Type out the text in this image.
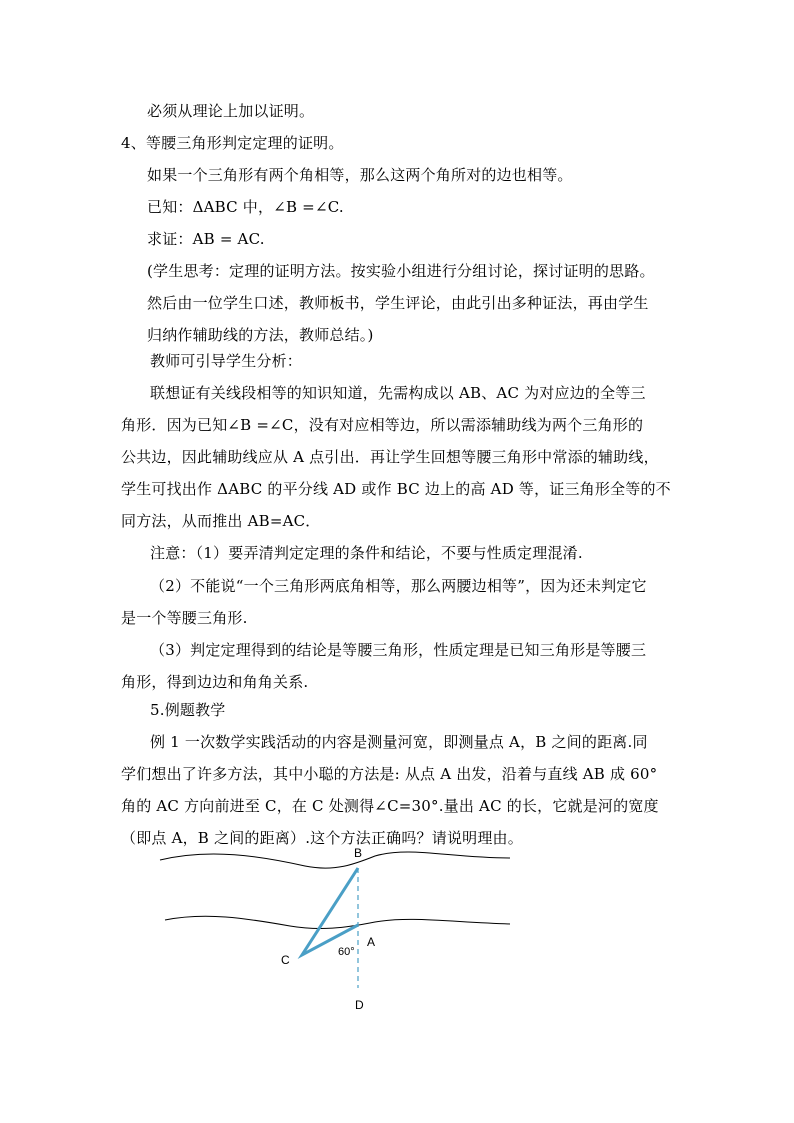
必须从理论上加以证明。
4、等腰三角形判定定理的证明。
如果一个三角形有两个角相等，那么这两个角所对的边也相等。
已知：ΔABC 中，∠B =∠C.
求证：AB = AC.
(学生思考：定理的证明方法。按实验小组进行分组讨论，探讨证明的思路。
然后由一位学生口述，教师板书，学生评论，由此引出多种证法，再由学生
归纳作辅助线的方法，教师总结。)
教师可引导学生分析：
联想证有关线段相等的知识知道，先需构成以 AB、AC 为对应边的全等三
角形．因为已知∠B =∠C，没有对应相等边，所以需添辅助线为两个三角形的
公共边，因此辅助线应从 A 点引出．再让学生回想等腰三角形中常添的辅助线，
学生可找出作 ΔABC 的平分线 AD 或作 BC 边上的高 AD 等，证三角形全等的不
同方法，从而推出 AB=AC．
注意：（1）要弄清判定定理的条件和结论，不要与性质定理混淆.
（2）不能说“一个三角形两底角相等，那么两腰边相等”，因为还未判定它
是一个等腰三角形.
（3）判定定理得到的结论是等腰三角形，性质定理是已知三角形是等腰三
角形，得到边边和角角关系.
5.例题教学
例 1 一次数学实践活动的内容是测量河宽，即测量点 A，B 之间的距离.同
学们想出了许多方法，其中小聪的方法是: 从点 A 出发，沿着与直线 AB 成 60°
角的 AC 方向前进至 C，在 C 处测得∠C=30°.量出 AC 的长，它就是河的宽度
（即点 A，B 之间的距离）.这个方法正确吗？请说明理由。
B
A
C
D
60°
